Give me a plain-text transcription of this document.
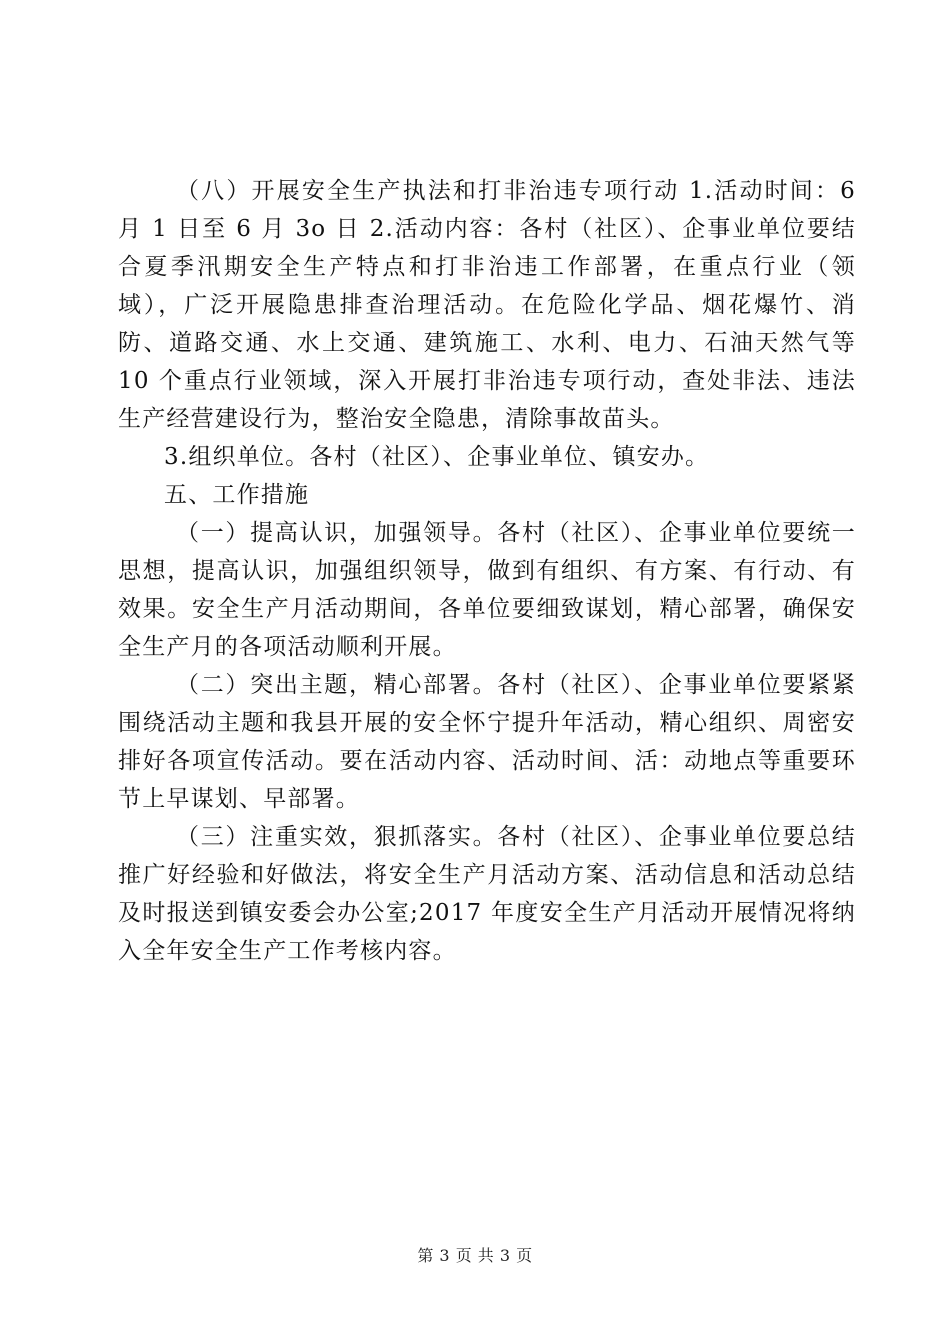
（八）开展安全生产执法和打非治违专项行动 1.活动时间：6 月 1 日至 6 月 3o 日 2.活动内容：各村（社区）、企事业单位要结合夏季汛期安全生产特点和打非治违工作部署，在重点行业（领域），广泛开展隐患排查治理活动。在危险化学品、烟花爆竹、消防、道路交通、水上交通、建筑施工、水利、电力、石油天然气等 10 个重点行业领域，深入开展打非治违专项行动，查处非法、违法生产经营建设行为，整治安全隐患，清除事故苗头。

3.组织单位。各村（社区）、企事业单位、镇安办。

五、工作措施

（一）提高认识，加强领导。各村（社区）、企事业单位要统一思想，提高认识，加强组织领导，做到有组织、有方案、有行动、有效果。安全生产月活动期间，各单位要细致谋划，精心部署，确保安全生产月的各项活动顺利开展。

（二）突出主题，精心部署。各村（社区）、企事业单位要紧紧围绕活动主题和我县开展的安全怀宁提升年活动，精心组织、周密安排好各项宣传活动。要在活动内容、活动时间、活：动地点等重要环节上早谋划、早部署。

（三）注重实效，狠抓落实。各村（社区）、企事业单位要总结推广好经验和好做法，将安全生产月活动方案、活动信息和活动总结及时报送到镇安委会办公室;2017 年度安全生产月活动开展情况将纳入全年安全生产工作考核内容。

第 3 页 共 3 页
